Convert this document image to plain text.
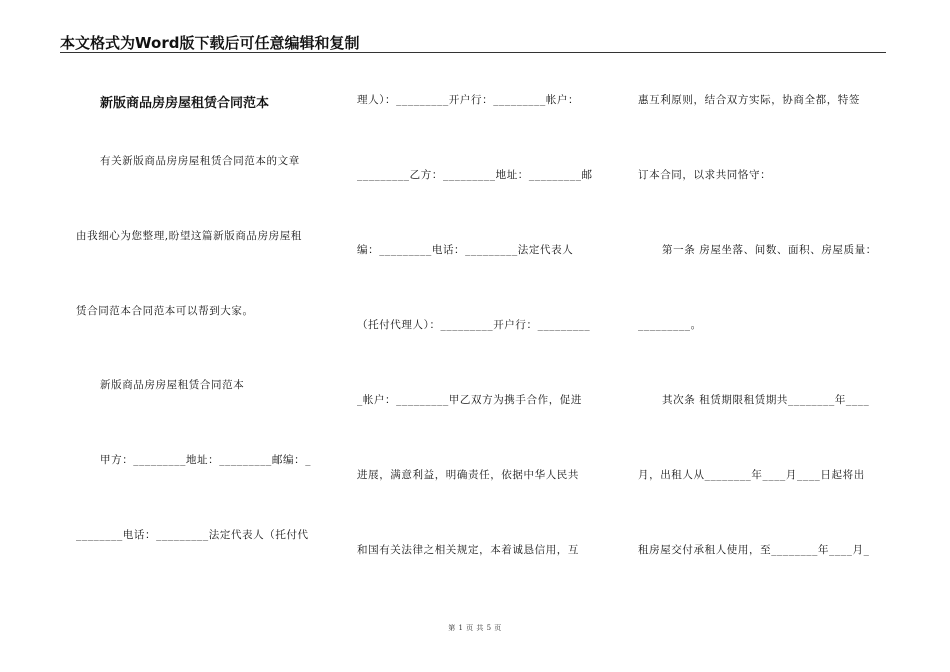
本文格式为Word版下载后可任意编辑和复制
新版商品房房屋租赁合同范本
有关新版商品房房屋租赁合同范本的文章
由我细心为您整理,盼望这篇新版商品房房屋租
赁合同范本合同范本可以帮到大家。
新版商品房房屋租赁合同范本
甲方：_________地址：_________邮编：_
________电话：_________法定代表人（托付代
理人）：_________开户行：_________帐户：
_________乙方：_________地址：_________邮
编：_________电话：_________法定代表人
（托付代理人）：_________开户行：_________
_帐户：_________甲乙双方为携手合作，促进
进展，满意利益，明确责任，依据中华人民共
和国有关法律之相关规定，本着诚恳信用，互
惠互利原则，结合双方实际，协商全都，特签
订本合同，以求共同恪守：
第一条 房屋坐落、间数、面积、房屋质量：
_________。
其次条 租赁期限租赁期共________年____
月，出租人从________年____月____日起将出
租房屋交付承租人使用，至________年____月_
第 1 页 共 5 页
